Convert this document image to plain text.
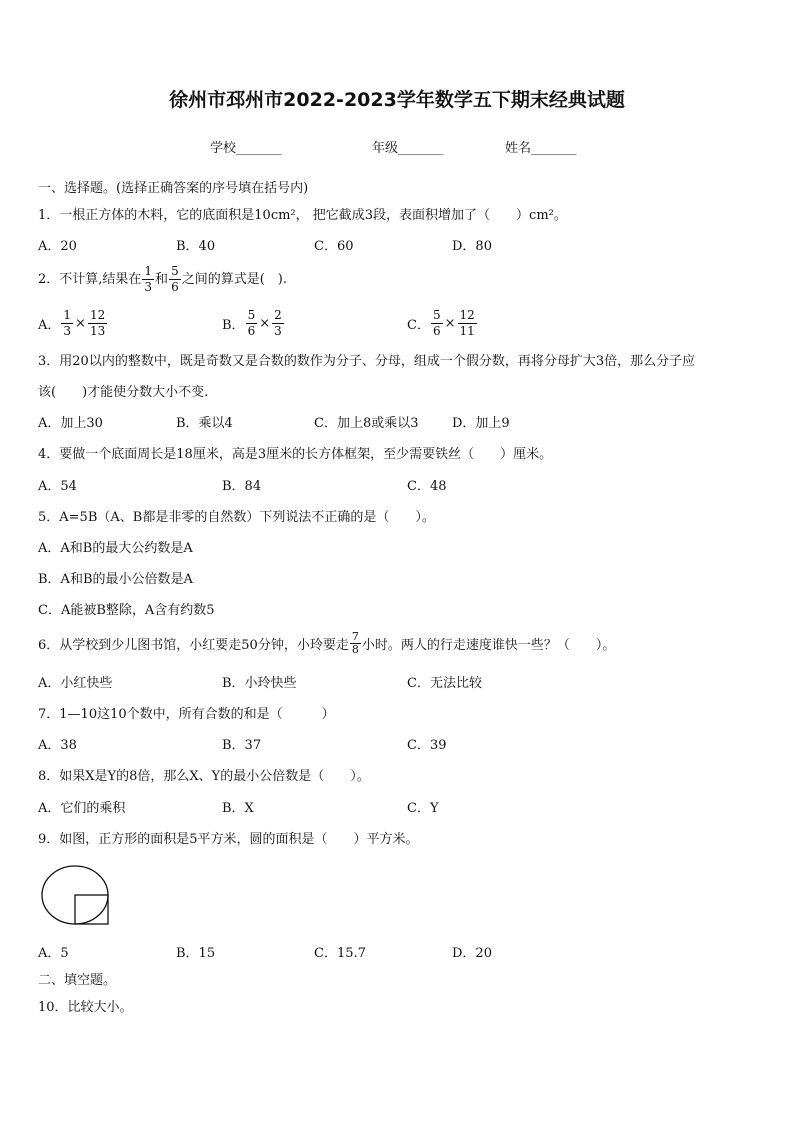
徐州市邳州市2022-2023学年数学五下期末经典试题
学校_______	年级_______	姓名_______
一、选择题。(选择正确答案的序号填在括号内)
1．一根正方体的木料，它的底面积是10cm²， 把它截成3段，表面积增加了（　　）cm²。
A．20	B．40	C．60	D．80
2．不计算,结果在 $\frac{1}{3}$ 和 $\frac{5}{6}$ 之间的算式是(　).
A． $\frac{1}{3} \times \frac{12}{13}$	B． $\frac{5}{6} \times \frac{2}{3}$	C． $\frac{5}{6} \times \frac{12}{11}$
3．用20以内的整数中，既是奇数又是合数的数作为分子、分母，组成一个假分数，再将分母扩大3倍，那么分子应
该(　　)才能使分数大小不变.
A．加上30	B．乘以4	C．加上8或乘以3	D．加上9
4．要做一个底面周长是18厘米，高是3厘米的长方体框架，至少需要铁丝（　　）厘米。
A．54	B．84	C．48
5．A=5B（A、B都是非零的自然数）下列说法不正确的是（　　）。
A．A和B的最大公约数是A
B．A和B的最小公倍数是A
C．A能被B整除，A含有约数5
6．从学校到少儿图书馆，小红要走50分钟，小玲要走 $\frac{7}{8}$ 小时。两人的行走速度谁快一些？（　　）。
A．小红快些	B．小玲快些	C．无法比较
7．1—10这10个数中，所有合数的和是（　　　）
A．38	B．37	C．39
8．如果X是Y的8倍，那么X、Y的最小公倍数是（　　）。
A．它们的乘积	B．X	C．Y
9．如图，正方形的面积是5平方米，圆的面积是（　　）平方米。
A．5	B．15	C．15.7	D．20
二、填空题。
10．比较大小。
